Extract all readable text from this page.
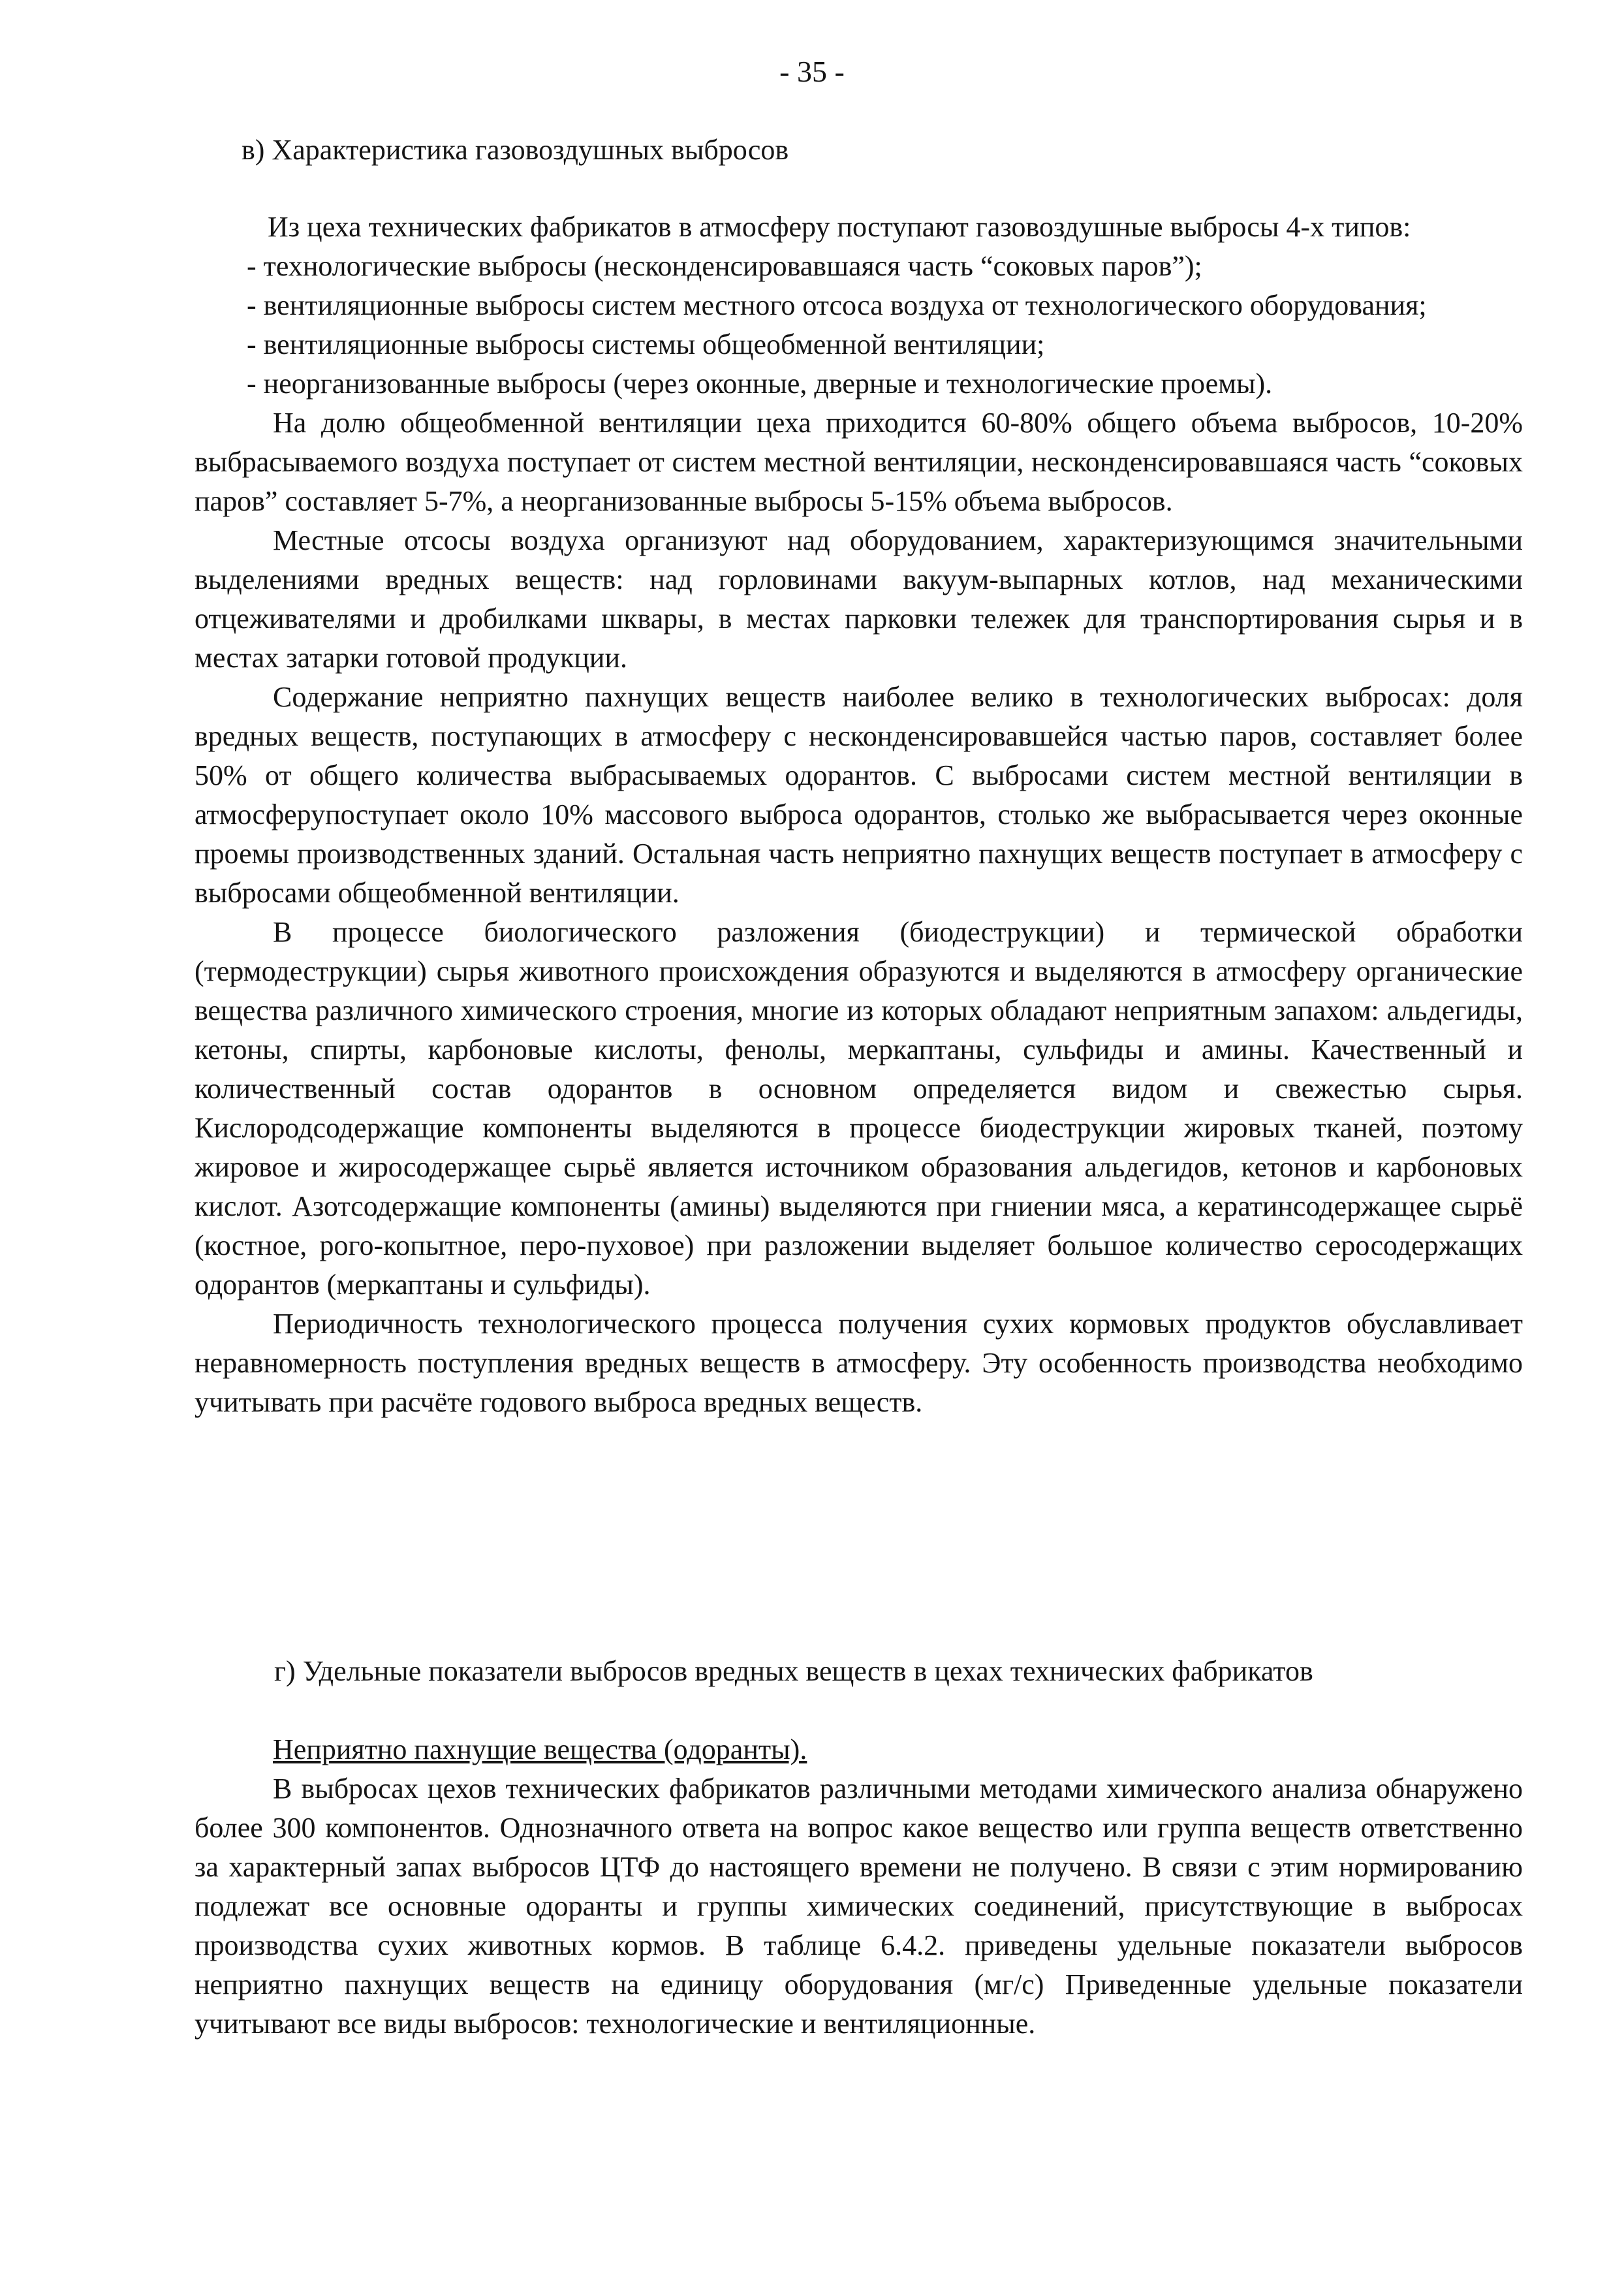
- 35 -
в) Характеристика газовоздушных выбросов

Из цеха технических фабрикатов в атмосферу поступают газовоздушные выбросы 4-х типов:

- технологические выбросы (несконденсировавшаяся часть “соковых паров”);
- вентиляционные выбросы систем местного отсоса воздуха от технологического оборудования;
- вентиляционные выбросы системы общеобменной вентиляции;
- неорганизованные выбросы (через оконные, дверные и технологические проемы).

На долю общеобменной вентиляции цеха приходится 60-80% общего объема выбросов, 10-20% выбрасываемого воздуха поступает от систем местной вентиляции, несконденсировавшаяся часть “соковых паров” составляет 5-7%, а неорганизованные выбросы 5-15% объема выбросов.

Местные отсосы воздуха организуют над оборудованием, характеризующимся значительными выделениями вредных веществ: над горловинами вакуум-выпарных котлов, над механическими отцеживателями и дробилками шквары, в местах парковки тележек для транспортирования сырья и в местах затарки готовой продукции.

Содержание неприятно пахнущих веществ наиболее велико в технологических выбросах: доля вредных веществ, поступающих в атмосферу с несконденсировавшейся частью паров, составляет более 50% от общего количества выбрасываемых одорантов. С выбросами систем местной вентиляции в атмосферупоступает около 10% массового выброса одорантов, столько же выбрасывается через оконные проемы производственных зданий. Остальная часть неприятно пахнущих веществ поступает в атмосферу с выбросами общеобменной вентиляции.

В процессе биологического разложения (биодеструкции) и термической обработки (термодеструкции) сырья животного происхождения образуются и выделяются в атмосферу органические вещества различного химического строения, многие из которых обладают неприятным запахом: альдегиды, кетоны, спирты, карбоновые кислоты, фенолы, меркаптаны, сульфиды и амины. Качественный и количественный состав одорантов в основном определяется видом и свежестью сырья. Кислородсодержащие компоненты выделяются в процессе биодеструкции жировых тканей, поэтому жировое и жиросодержащее сырьё является источником образования альдегидов, кетонов и карбоновых кислот. Азотсодержащие компоненты (амины) выделяются при гниении мяса, а кератинсодержащее сырьё (костное, рого-копытное, перо-пуховое) при разложении выделяет большое количество серосодержащих одорантов (меркаптаны и сульфиды).

Периодичность технологического процесса получения сухих кормовых продуктов обуславливает неравномерность поступления вредных веществ в атмосферу. Эту особенность производства необходимо учитывать при расчёте годового выброса вредных веществ.

г) Удельные показатели выбросов вредных веществ в цехах технических фабрикатов

Неприятно пахнущие вещества (одоранты).

В выбросах цехов технических фабрикатов различными методами химического анализа обнаружено более 300 компонентов. Однозначного ответа на вопрос какое вещество или группа веществ ответственно за характерный запах выбросов ЦТФ до настоящего времени не получено. В связи с этим нормированию подлежат все основные одоранты и группы химических соединений, присутствующие в выбросах производства сухих животных кормов. В таблице 6.4.2. приведены удельные показатели выбросов неприятно пахнущих веществ на единицу оборудования (мг/с) Приведенные удельные показатели учитывают все виды выбросов: технологические и вентиляционные.
